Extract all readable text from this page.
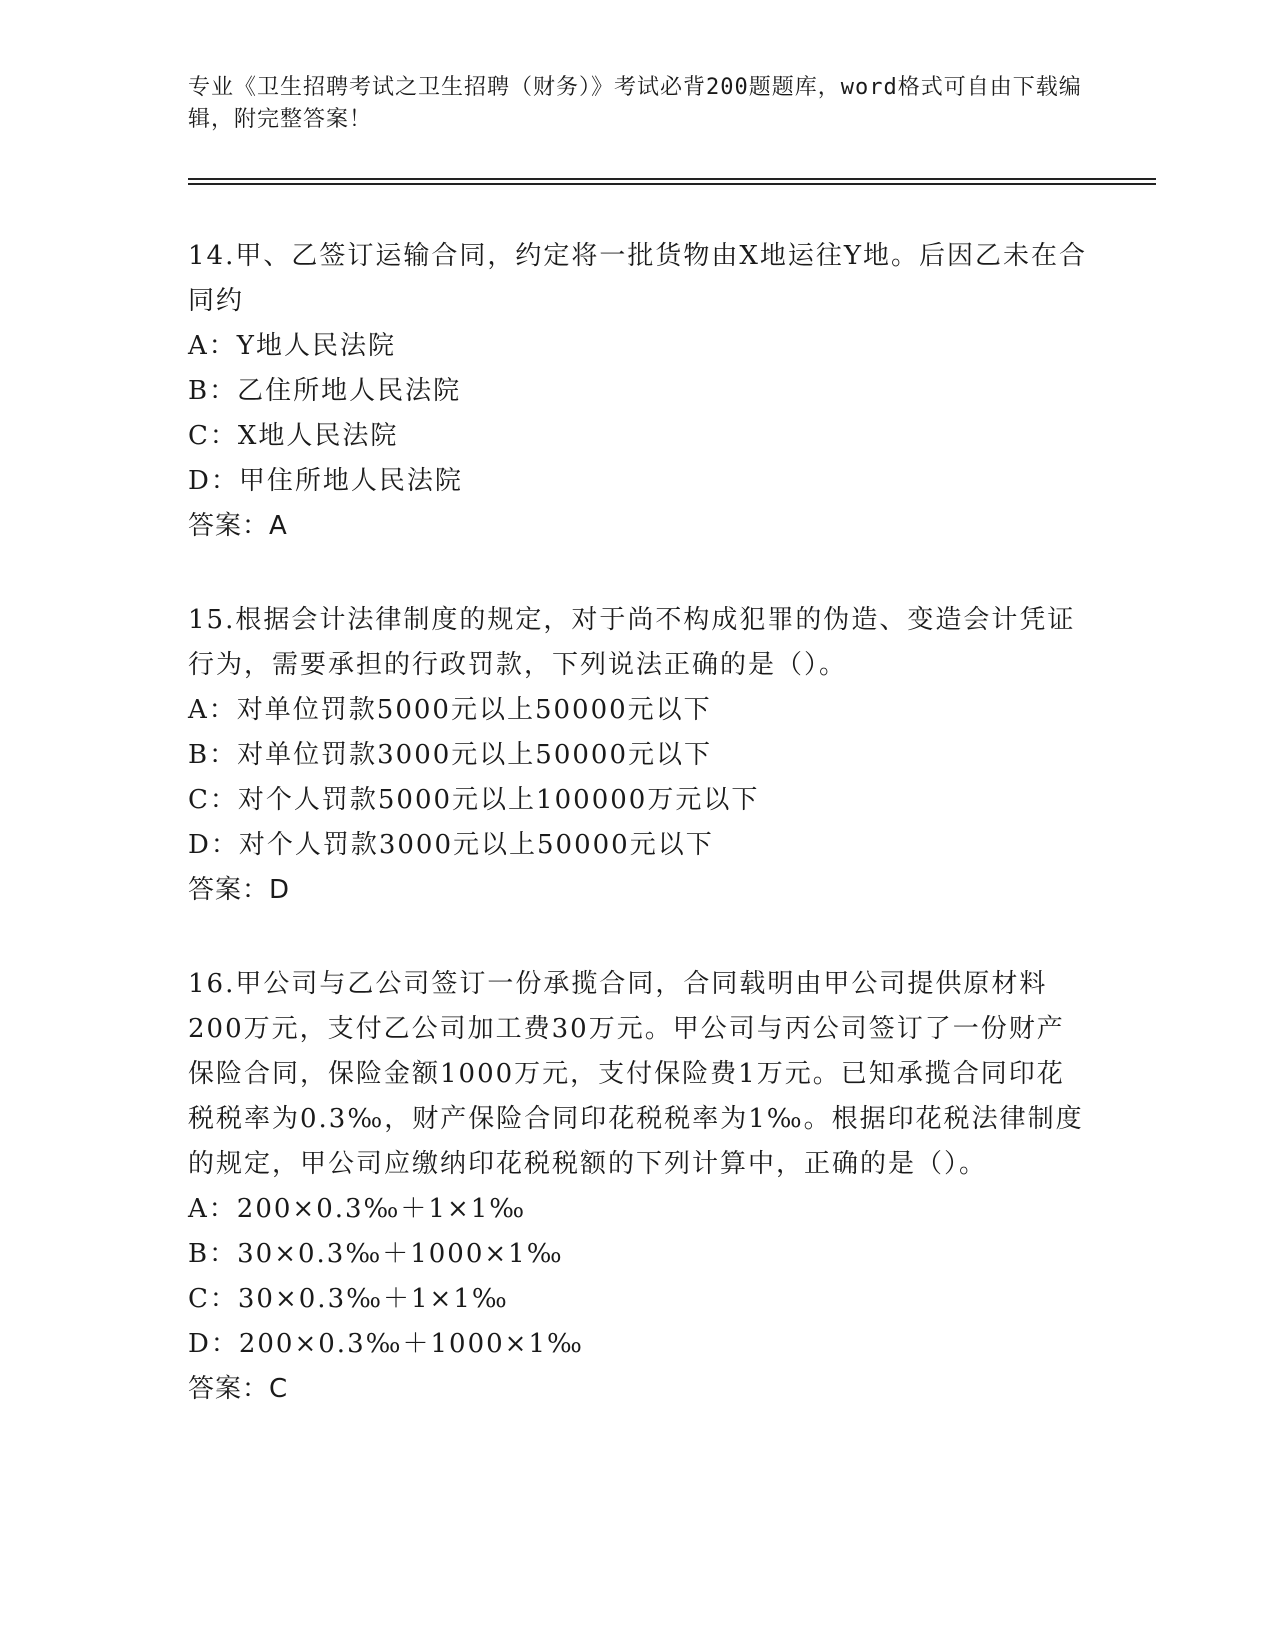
专业《卫生招聘考试之卫生招聘（财务）》考试必背200题题库，word格式可自由下载编辑，附完整答案！
14.甲、乙签订运输合同，约定将一批货物由X地运往Y地。后因乙未在合同约
A：Y地人民法院
B：乙住所地人民法院
C：X地人民法院
D：甲住所地人民法院
答案：A
15.根据会计法律制度的规定，对于尚不构成犯罪的伪造、变造会计凭证行为，需要承担的行政罚款，下列说法正确的是（）。
A：对单位罚款5000元以上50000元以下
B：对单位罚款3000元以上50000元以下
C：对个人罚款5000元以上100000万元以下
D：对个人罚款3000元以上50000元以下
答案：D
16.甲公司与乙公司签订一份承揽合同，合同载明由甲公司提供原材料200万元，支付乙公司加工费30万元。甲公司与丙公司签订了一份财产保险合同，保险金额1000万元，支付保险费1万元。已知承揽合同印花税税率为0.3‰，财产保险合同印花税税率为1‰。根据印花税法律制度的规定，甲公司应缴纳印花税税额的下列计算中，正确的是（）。
A：200×0.3‰＋1×1‰
B：30×0.3‰＋1000×1‰
C：30×0.3‰＋1×1‰
D：200×0.3‰＋1000×1‰
答案：C
